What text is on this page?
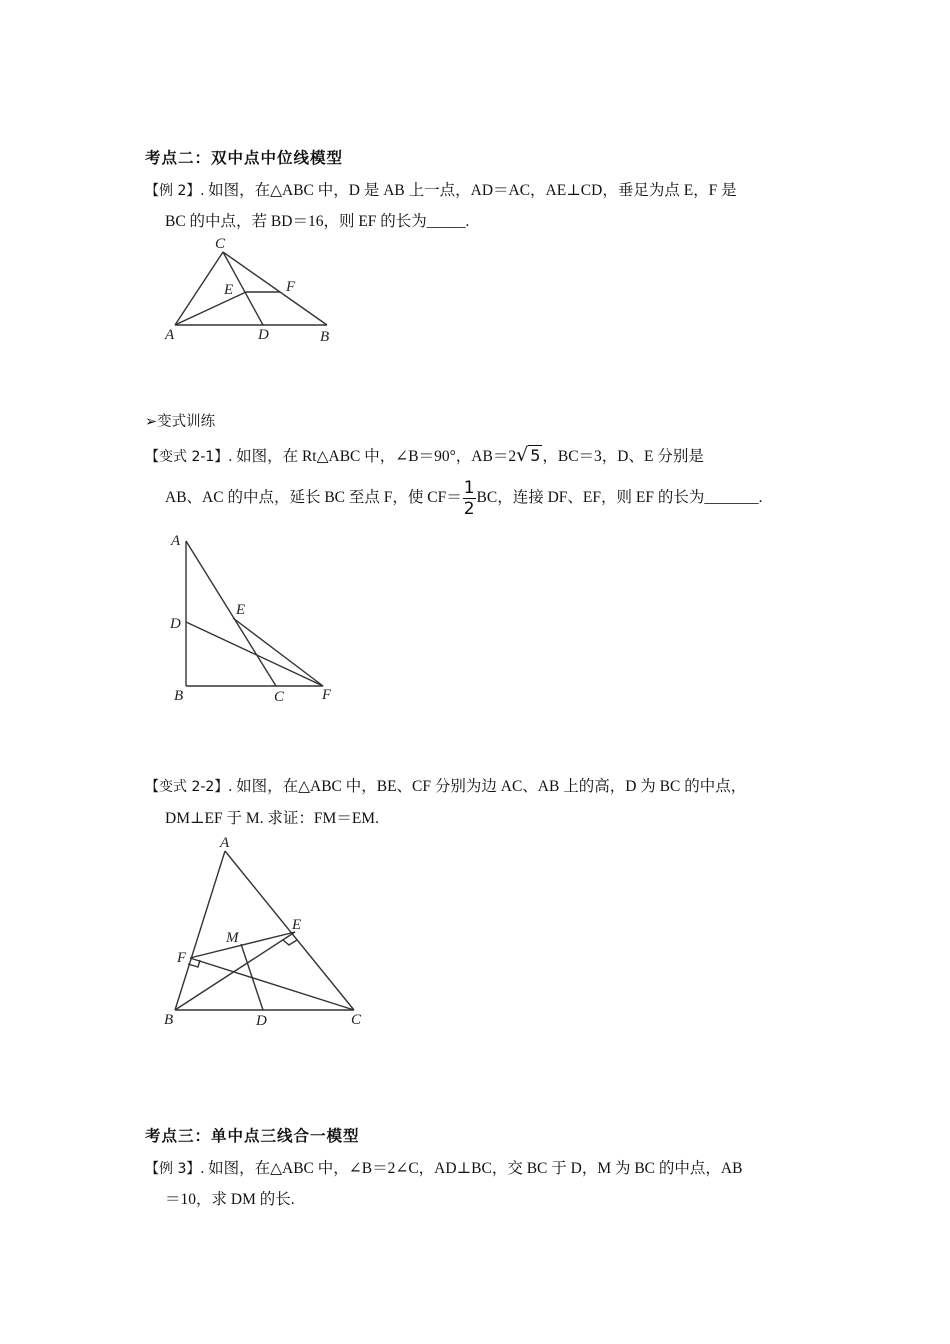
考点二：双中点中位线模型
【例 2】. 如图，在△ABC 中，D 是 AB 上一点，AD＝AC，AE⊥CD，垂足为点 E，F 是
BC 的中点，若 BD＝16，则 EF 的长为_____.
C
E	F
A	D	B
➢变式训练
【变式 2-1】. 如图，在 Rt△ABC 中，∠B＝90°，AB＝2√ 5 ，BC＝3，D、E 分别是
AB、AC 的中点，延长 BC 至点 F，使 $CF= \frac{1}{2}$ BC，连接 DF、EF，则 EF 的长为_______.
A
D
E
B	C	F
【变式 2-2】. 如图，在△ABC 中，BE、CF 分别为边 AC、AB 上的高，D 为 BC 的中点，
DM⊥EF 于 M. 求证：FM＝EM.
A
M
E
F
B	D	C
考点三：单中点三线合一模型
【例 3】. 如图，在△ABC 中，∠B＝2∠C，AD⊥BC，交 BC 于 D，M 为 BC 的中点，AB
＝10，求 DM 的长.
